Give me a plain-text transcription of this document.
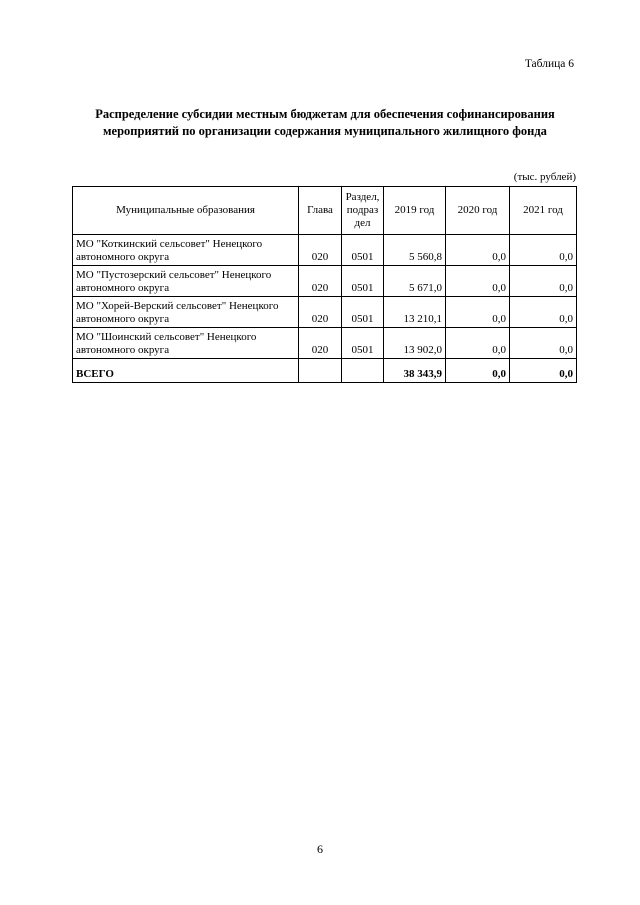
Таблица 6
Распределение субсидии местным бюджетам для обеспечения софинансирования мероприятий по организации содержания муниципального жилищного фонда
(тыс. рублей)
Муниципальные образования	Глава	Раздел, подраз дел	2019 год	2020 год	2021 год
МО "Коткинский сельсовет" Ненецкого автономного округа	020	0501	5 560,8	0,0	0,0
МО "Пустозерский сельсовет" Ненецкого автономного округа	020	0501	5 671,0	0,0	0,0
МО "Хорей-Верский сельсовет" Ненецкого автономного округа	020	0501	13 210,1	0,0	0,0
МО "Шоинский сельсовет" Ненецкого автономного округа	020	0501	13 902,0	0,0	0,0
ВСЕГО			38 343,9	0,0	0,0
6
